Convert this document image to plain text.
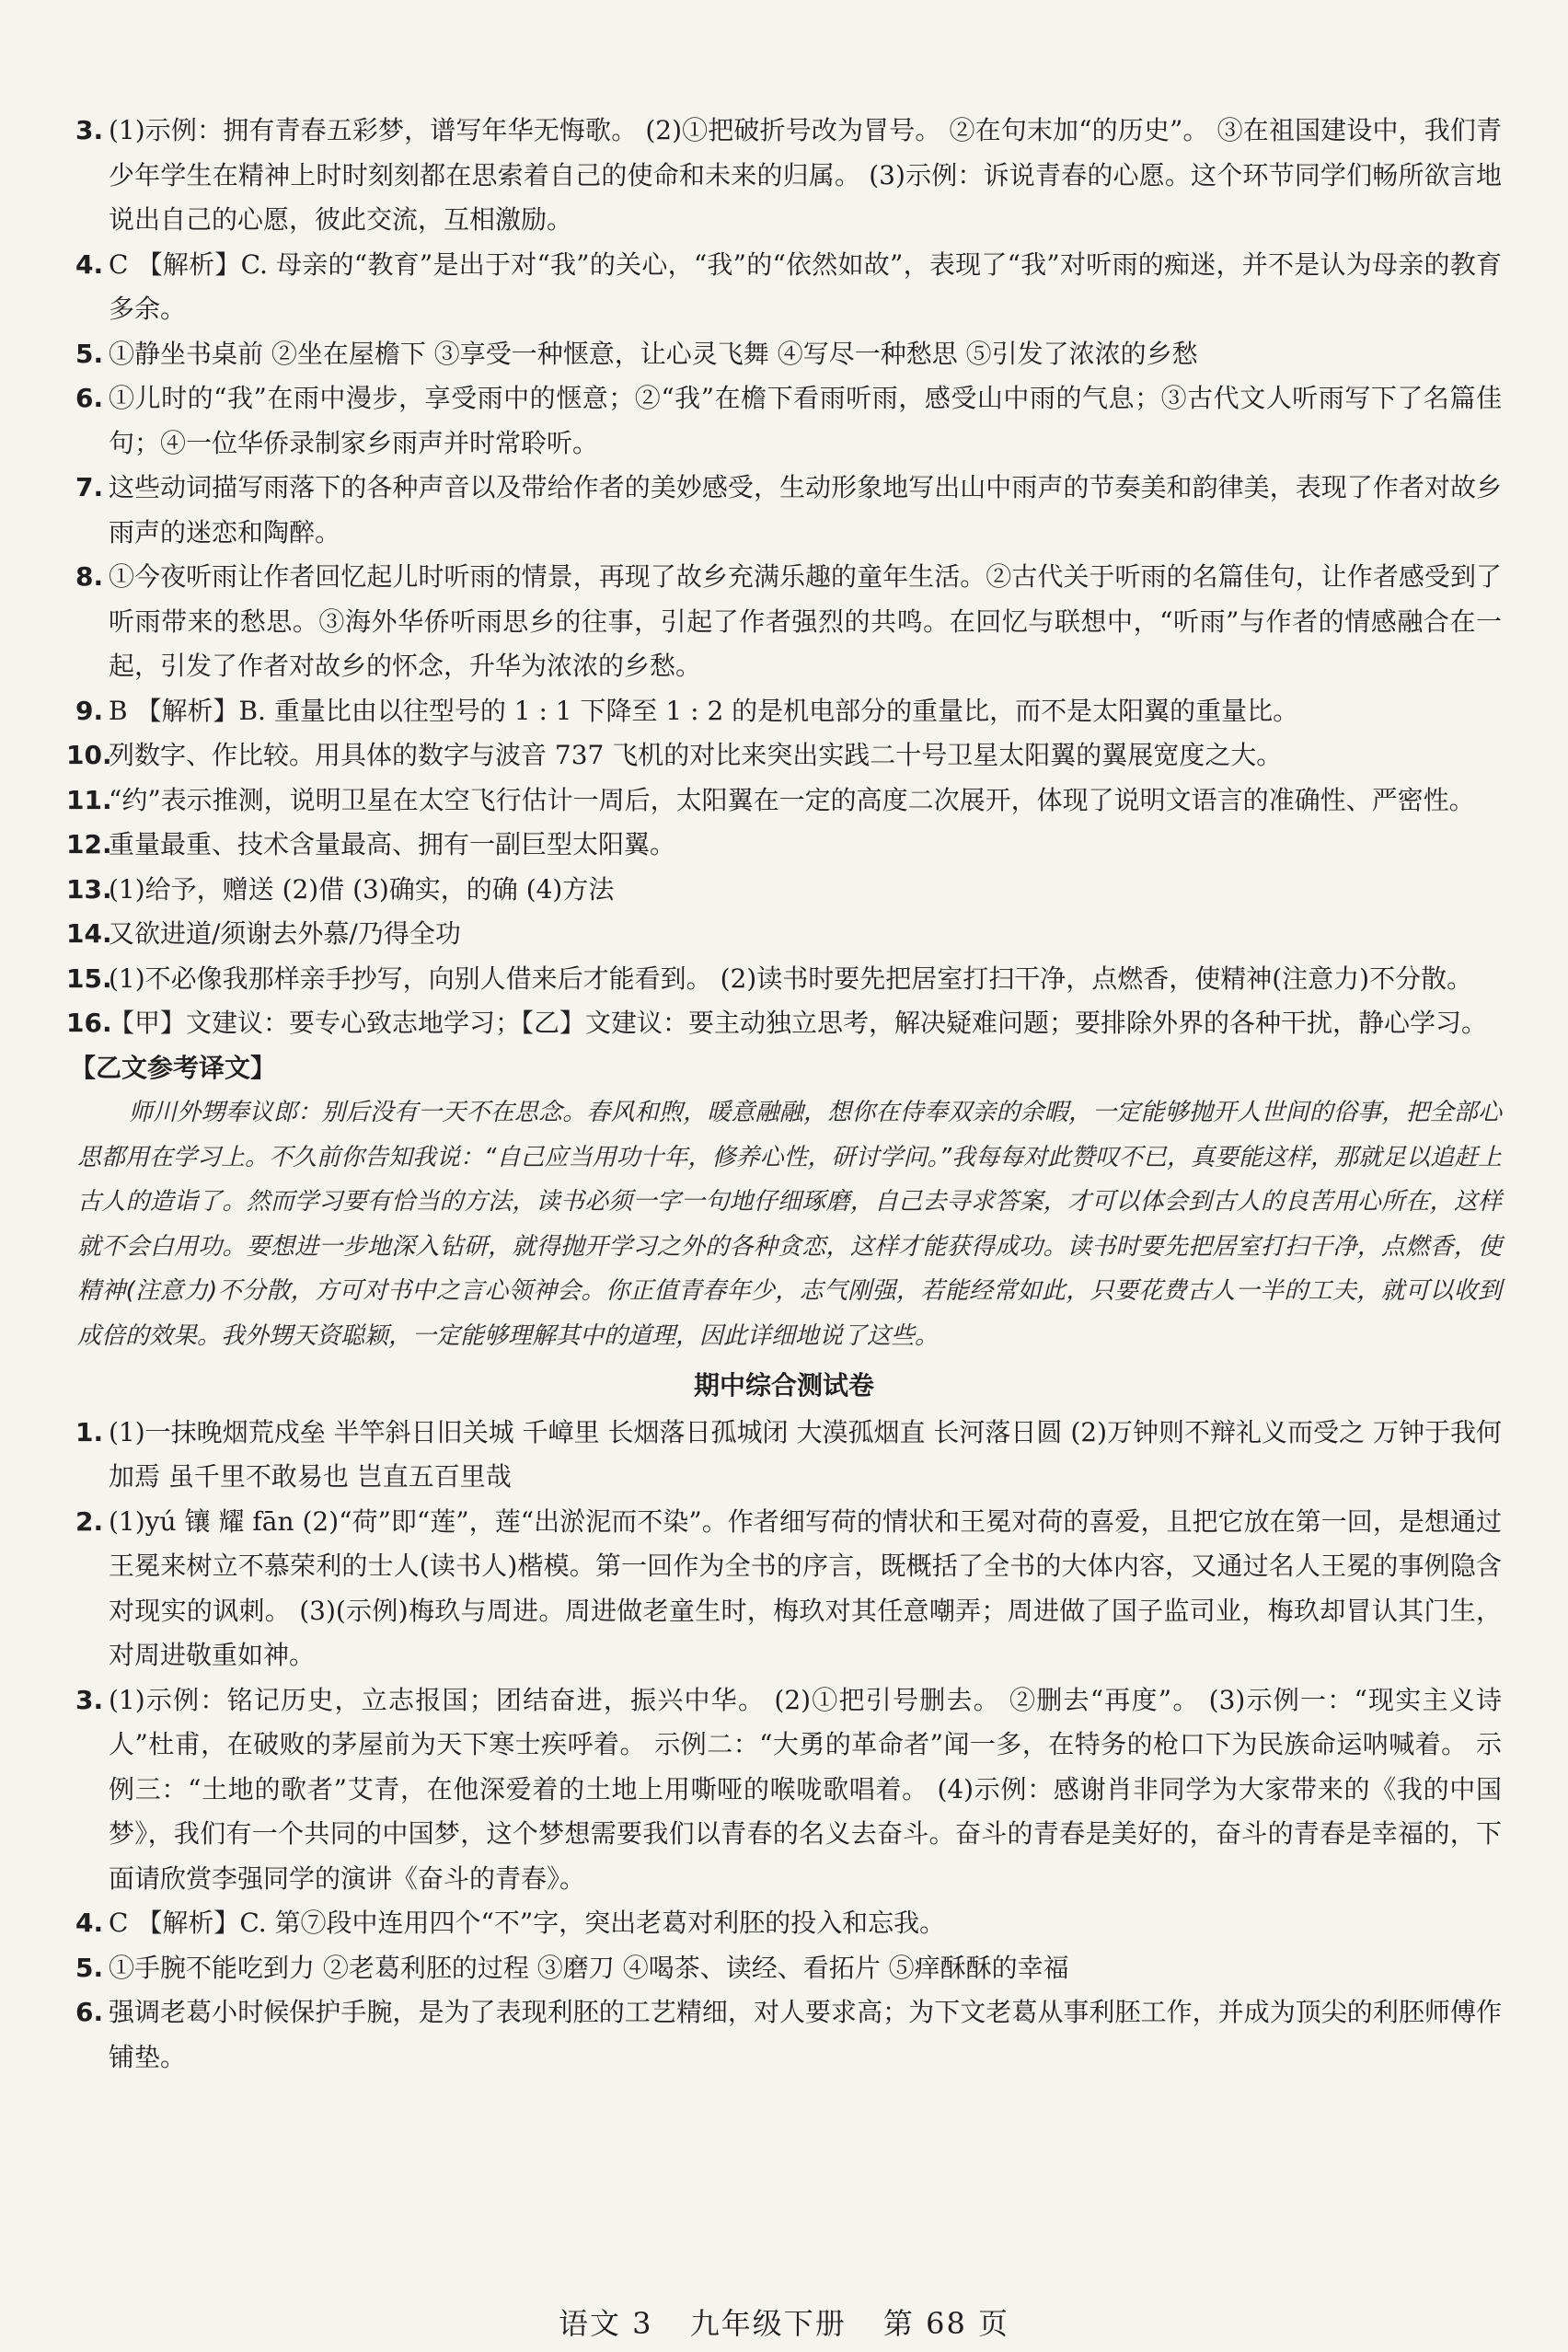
3. (1)示例：拥有青春五彩梦，谱写年华无悔歌。 (2)①把破折号改为冒号。 ②在句末加“的历史”。 ③在祖国建设中，我们青少年学生在精神上时时刻刻都在思索着自己的使命和未来的归属。 (3)示例：诉说青春的心愿。这个环节同学们畅所欲言地说出自己的心愿，彼此交流，互相激励。
4. C 【解析】C. 母亲的“教育”是出于对“我”的关心，“我”的“依然如故”，表现了“我”对听雨的痴迷，并不是认为母亲的教育多余。
5. ①静坐书桌前 ②坐在屋檐下 ③享受一种惬意，让心灵飞舞 ④写尽一种愁思 ⑤引发了浓浓的乡愁
6. ①儿时的“我”在雨中漫步，享受雨中的惬意；②“我”在檐下看雨听雨，感受山中雨的气息；③古代文人听雨写下了名篇佳句；④一位华侨录制家乡雨声并时常聆听。
7. 这些动词描写雨落下的各种声音以及带给作者的美妙感受，生动形象地写出山中雨声的节奏美和韵律美，表现了作者对故乡雨声的迷恋和陶醉。
8. ①今夜听雨让作者回忆起儿时听雨的情景，再现了故乡充满乐趣的童年生活。②古代关于听雨的名篇佳句，让作者感受到了听雨带来的愁思。③海外华侨听雨思乡的往事，引起了作者强烈的共鸣。在回忆与联想中，“听雨”与作者的情感融合在一起，引发了作者对故乡的怀念，升华为浓浓的乡愁。
9. B 【解析】B. 重量比由以往型号的 1 : 1 下降至 1 : 2 的是机电部分的重量比，而不是太阳翼的重量比。
10.
列数字、作比较。用具体的数字与波音 737 飞机的对比来突出实践二十号卫星太阳翼的翼展宽度之大。
11.
“约”表示推测，说明卫星在太空飞行估计一周后，太阳翼在一定的高度二次展开，体现了说明文语言的准确性、严密性。
12.
重量最重、技术含量最高、拥有一副巨型太阳翼。
13.
(1)给予，赠送 (2)借 (3)确实，的确 (4)方法
14.
又欲进道/须谢去外慕/乃得全功
15.
(1)不必像我那样亲手抄写，向别人借来后才能看到。 (2)读书时要先把居室打扫干净，点燃香，使精神(注意力)不分散。
16.
【甲】文建议：要专心致志地学习；【乙】文建议：要主动独立思考，解决疑难问题；要排除外界的各种干扰，静心学习。
【乙文参考译文】
师川外甥奉议郎：别后没有一天不在思念。春风和煦，暖意融融，想你在侍奉双亲的余暇，一定能够抛开人世间的俗事，把全部心思都用在学习上。不久前你告知我说：“自己应当用功十年，修养心性，研讨学问。”我每每对此赞叹不已，真要能这样，那就足以追赶上古人的造诣了。然而学习要有恰当的方法，读书必须一字一句地仔细琢磨，自己去寻求答案，才可以体会到古人的良苦用心所在，这样就不会白用功。要想进一步地深入钻研，就得抛开学习之外的各种贪恋，这样才能获得成功。读书时要先把居室打扫干净，点燃香，使精神(注意力)不分散，方可对书中之言心领神会。你正值青春年少，志气刚强，若能经常如此，只要花费古人一半的工夫，就可以收到成倍的效果。我外甥天资聪颖，一定能够理解其中的道理，因此详细地说了这些。
期中综合测试卷
1. (1)一抹晚烟荒戍垒 半竿斜日旧关城 千嶂里 长烟落日孤城闭 大漠孤烟直 长河落日圆 (2)万钟则不辩礼义而受之 万钟于我何加焉 虽千里不敢易也 岂直五百里哉
2. (1)yú 镶 耀 fān (2)“荷”即“莲”，莲“出淤泥而不染”。作者细写荷的情状和王冕对荷的喜爱，且把它放在第一回，是想通过王冕来树立不慕荣利的士人(读书人)楷模。第一回作为全书的序言，既概括了全书的大体内容，又通过名人王冕的事例隐含对现实的讽刺。 (3)(示例)梅玖与周进。周进做老童生时，梅玖对其任意嘲弄；周进做了国子监司业，梅玖却冒认其门生，对周进敬重如神。
3. (1)示例：铭记历史，立志报国；团结奋进，振兴中华。 (2)①把引号删去。 ②删去“再度”。 (3)示例一：“现实主义诗人”杜甫，在破败的茅屋前为天下寒士疾呼着。 示例二：“大勇的革命者”闻一多，在特务的枪口下为民族命运呐喊着。 示例三：“土地的歌者”艾青，在他深爱着的土地上用嘶哑的喉咙歌唱着。 (4)示例：感谢肖非同学为大家带来的《我的中国梦》，我们有一个共同的中国梦，这个梦想需要我们以青春的名义去奋斗。奋斗的青春是美好的，奋斗的青春是幸福的，下面请欣赏李强同学的演讲《奋斗的青春》。
4. C 【解析】C. 第⑦段中连用四个“不”字，突出老葛对利胚的投入和忘我。
5. ①手腕不能吃到力 ②老葛利胚的过程 ③磨刀 ④喝茶、读经、看拓片 ⑤痒酥酥的幸福
6. 强调老葛小时候保护手腕，是为了表现利胚的工艺精细，对人要求高；为下文老葛从事利胚工作，并成为顶尖的利胚师傅作铺垫。
语文 3 九年级下册 第 68 页
